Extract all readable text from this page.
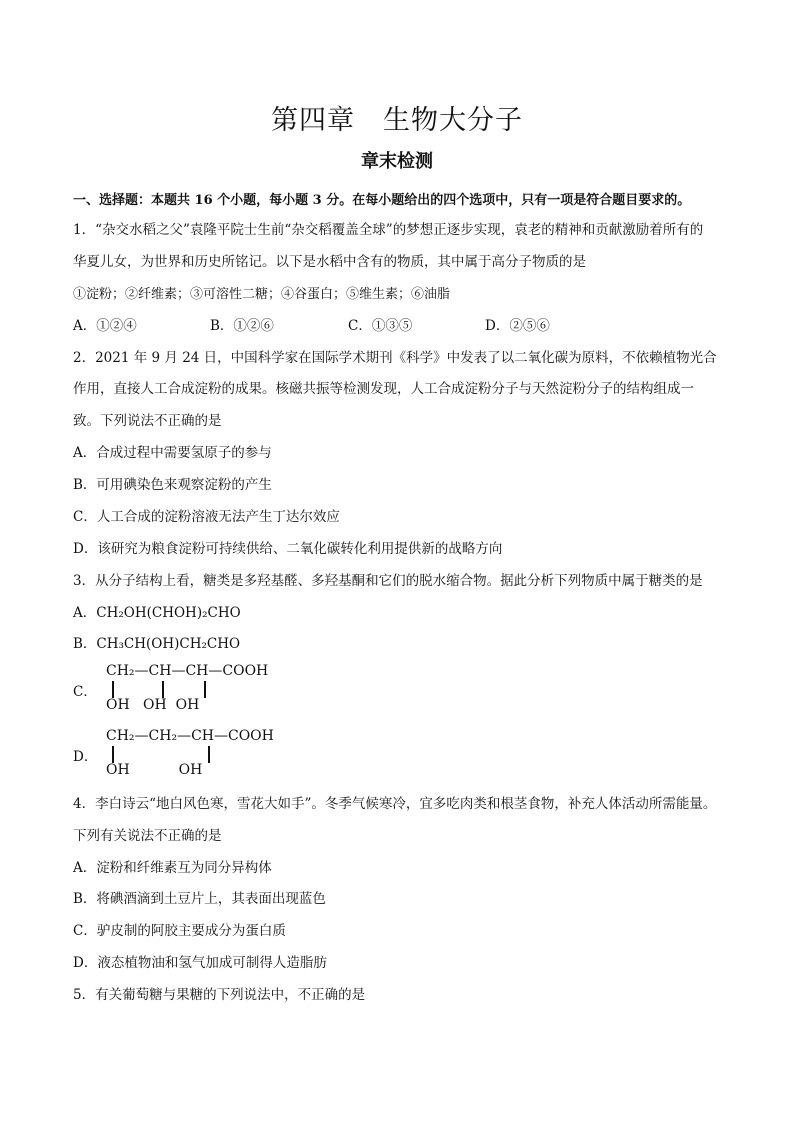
第四章　生物大分子
章末检测
一、选择题：本题共 16 个小题，每小题 3 分。在每小题给出的四个选项中，只有一项是符合题目要求的。
1．“杂交水稻之父”袁隆平院士生前“杂交稻覆盖全球”的梦想正逐步实现，袁老的精神和贡献激励着所有的
华夏儿女，为世界和历史所铭记。以下是水稻中含有的物质，其中属于高分子物质的是
①淀粉；②纤维素；③可溶性二糖；④谷蛋白；⑤维生素；⑥油脂
A．①②④	B．①②⑥	C．①③⑤	D．②⑤⑥
2．2021 年 9 月 24 日，中国科学家在国际学术期刊《科学》中发表了以二氧化碳为原料，不依赖植物光合
作用，直接人工合成淀粉的成果。核磁共振等检测发现，人工合成淀粉分子与天然淀粉分子的结构组成一
致。下列说法不正确的是
A．合成过程中需要氢原子的参与
B．可用碘染色来观察淀粉的产生
C．人工合成的淀粉溶液无法产生丁达尔效应
D．该研究为粮食淀粉可持续供给、二氧化碳转化利用提供新的战略方向
3．从分子结构上看，糖类是多羟基醛、多羟基酮和它们的脱水缩合物。据此分析下列物质中属于糖类的是
A．CH₂OH(CHOH)₂CHO
B．CH₃CH(OH)CH₂CHO
C．
CH₂—CH—CH—COOH
OH   OH  OH
D．
CH₂—CH₂—CH—COOH
OH           OH
4．李白诗云“地白风色寒，雪花大如手”。冬季气候寒冷，宜多吃肉类和根茎食物，补充人体活动所需能量。
下列有关说法不正确的是
A．淀粉和纤维素互为同分异构体
B．将碘酒滴到土豆片上，其表面出现蓝色
C．驴皮制的阿胶主要成分为蛋白质
D．液态植物油和氢气加成可制得人造脂肪
5．有关葡萄糖与果糖的下列说法中，不正确的是
